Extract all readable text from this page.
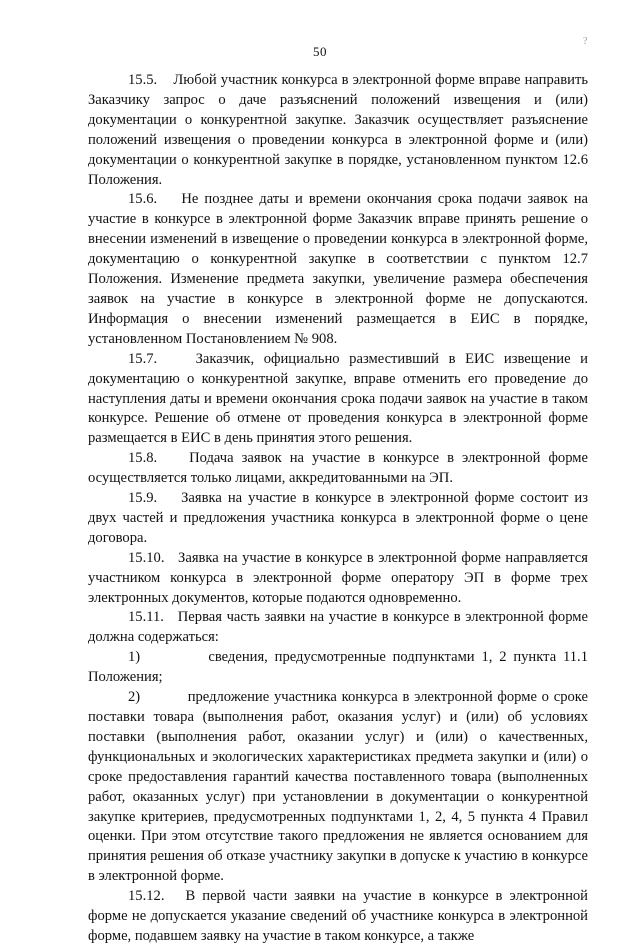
50
?

15.5.    Любой участник конкурса в электронной форме вправе направить Заказчику запрос о даче разъяснений положений извещения и (или) документации о конкурентной закупке. Заказчик осуществляет разъяснение положений извещения о проведении конкурса в электронной форме и (или) документации о конкурентной закупке в порядке, установленном пунктом 12.6 Положения.

15.6.    Не позднее даты и времени окончания срока подачи заявок на участие в конкурсе в электронной форме Заказчик вправе принять решение о внесении изменений в извещение о проведении конкурса в электронной форме, документацию о конкурентной закупке в соответствии с пунктом 12.7 Положения. Изменение предмета закупки, увеличение размера обеспечения заявок на участие в конкурсе в электронной форме не допускаются. Информация о внесении изменений размещается в ЕИС в порядке, установленном Постановлением № 908.

15.7.    Заказчик, официально разместивший в ЕИС извещение и документацию о конкурентной закупке, вправе отменить его проведение до наступления даты и времени окончания срока подачи заявок на участие в таком конкурсе. Решение об отмене от проведения конкурса в электронной форме размещается в ЕИС в день принятия этого решения.

15.8.    Подача заявок на участие в конкурсе в электронной форме осуществляется только лицами, аккредитованными на ЭП.

15.9.    Заявка на участие в конкурсе в электронной форме состоит из двух частей и предложения участника конкурса в электронной форме о цене договора.

15.10.   Заявка на участие в конкурсе в электронной форме направляется участником конкурса в электронной форме оператору ЭП в форме трех электронных документов, которые подаются одновременно.

15.11.   Первая часть заявки на участие в конкурсе в электронной форме должна содержаться:

1)          сведения, предусмотренные подпунктами 1, 2 пункта 11.1 Положения;

2)          предложение участника конкурса в электронной форме о сроке поставки товара (выполнения работ, оказания услуг) и (или) об условиях поставки (выполнения работ, оказании услуг) и (или) о качественных, функциональных и экологических характеристиках предмета закупки и (или) о сроке предоставления гарантий качества поставленного товара (выполненных работ, оказанных услуг) при установлении в документации о конкурентной закупке критериев, предусмотренных подпунктами 1, 2, 4, 5 пункта 4 Правил оценки. При этом отсутствие такого предложения не является основанием для принятия решения об отказе участнику закупки в допуске к участию в конкурсе в электронной форме.

15.12.   В первой части заявки на участие в конкурсе в электронной форме не допускается указание сведений об участнике конкурса в электронной форме, подавшем заявку на участие в таком конкурсе, а также
